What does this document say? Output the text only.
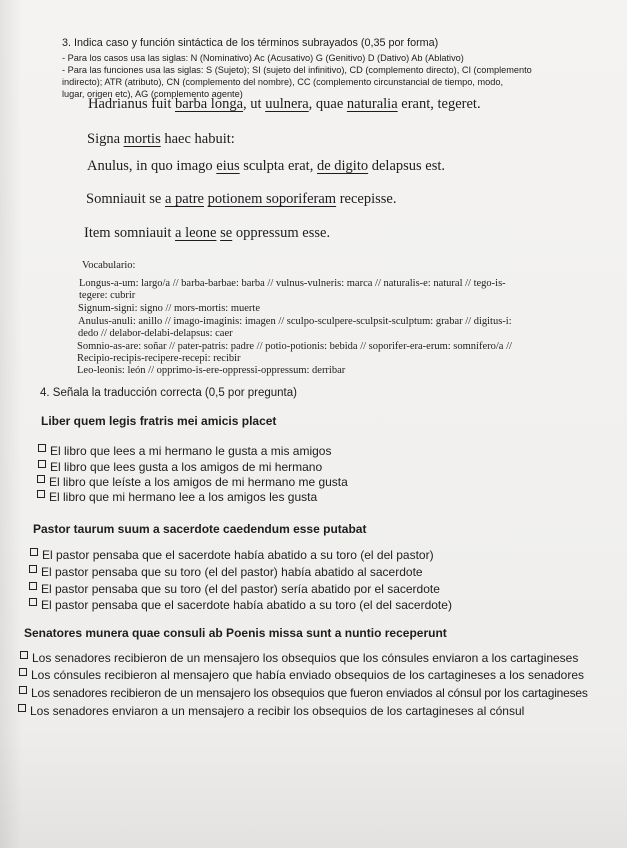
3. Indica caso y función sintáctica de los términos subrayados (0,35 por forma)
- Para los casos usa las siglas: N (Nominativo) Ac (Acusativo) G (Genitivo) D (Dativo) Ab (Ablativo)
- Para las funciones usa las siglas: S (Sujeto); SI (sujeto del infinitivo), CD (complemento directo), CI (complemento
indirecto); ATR (atributo), CN (complemento del nombre), CC (complemento circunstancial de tiempo, modo,
lugar, origen etc), AG (complemento agente)
Hadrianus fuit barba longa, ut uulnera, quae naturalia erant, tegeret.
Signa mortis haec habuit:
Anulus, in quo imago eius sculpta erat, de digito delapsus est.
Somniauit se a patre potionem soporiferam recepisse.
Item somniauit a leone se oppressum esse.
Vocabulario:
Longus-a-um: largo/a // barba-barbae: barba // vulnus-vulneris: marca // naturalis-e: natural // tego-is-
tegere: cubrir
Signum-signi: signo // mors-mortis: muerte
Anulus-anuli: anillo // imago-imaginis: imagen // sculpo-sculpere-sculpsit-sculptum: grabar // digitus-i:
dedo // delabor-delabi-delapsus: caer
Somnio-as-are: soñar // pater-patris: padre // potio-potionis: bebida // soporifer-era-erum: somnífero/a //
Recipio-recipis-recipere-recepi: recibir
Leo-leonis: león // opprimo-is-ere-oppressi-oppressum: derribar
4. Señala la traducción correcta (0,5 por pregunta)
Liber quem legis fratris mei amicis placet
El libro que lees a mi hermano le gusta a mis amigos
El libro que lees gusta a los amigos de mi hermano
El libro que leíste a los amigos de mi hermano me gusta
El libro que mi hermano lee a los amigos les gusta
Pastor taurum suum a sacerdote caedendum esse putabat
El pastor pensaba que el sacerdote había abatido a su toro (el del pastor)
El pastor pensaba que su toro (el del pastor) había abatido al sacerdote
El pastor pensaba que su toro (el del pastor) sería abatido por el sacerdote
El pastor pensaba que el sacerdote había abatido a su toro (el del sacerdote)
Senatores munera quae consuli ab Poenis missa sunt a nuntio receperunt
Los senadores recibieron de un mensajero los obsequios que los cónsules enviaron a los cartagineses
Los cónsules recibieron al mensajero que había enviado obsequios de los cartagineses a los senadores
Los senadores recibieron de un mensajero los obsequios que fueron enviados al cónsul por los cartagineses
Los senadores enviaron a un mensajero a recibir los obsequios de los cartagineses al cónsul
